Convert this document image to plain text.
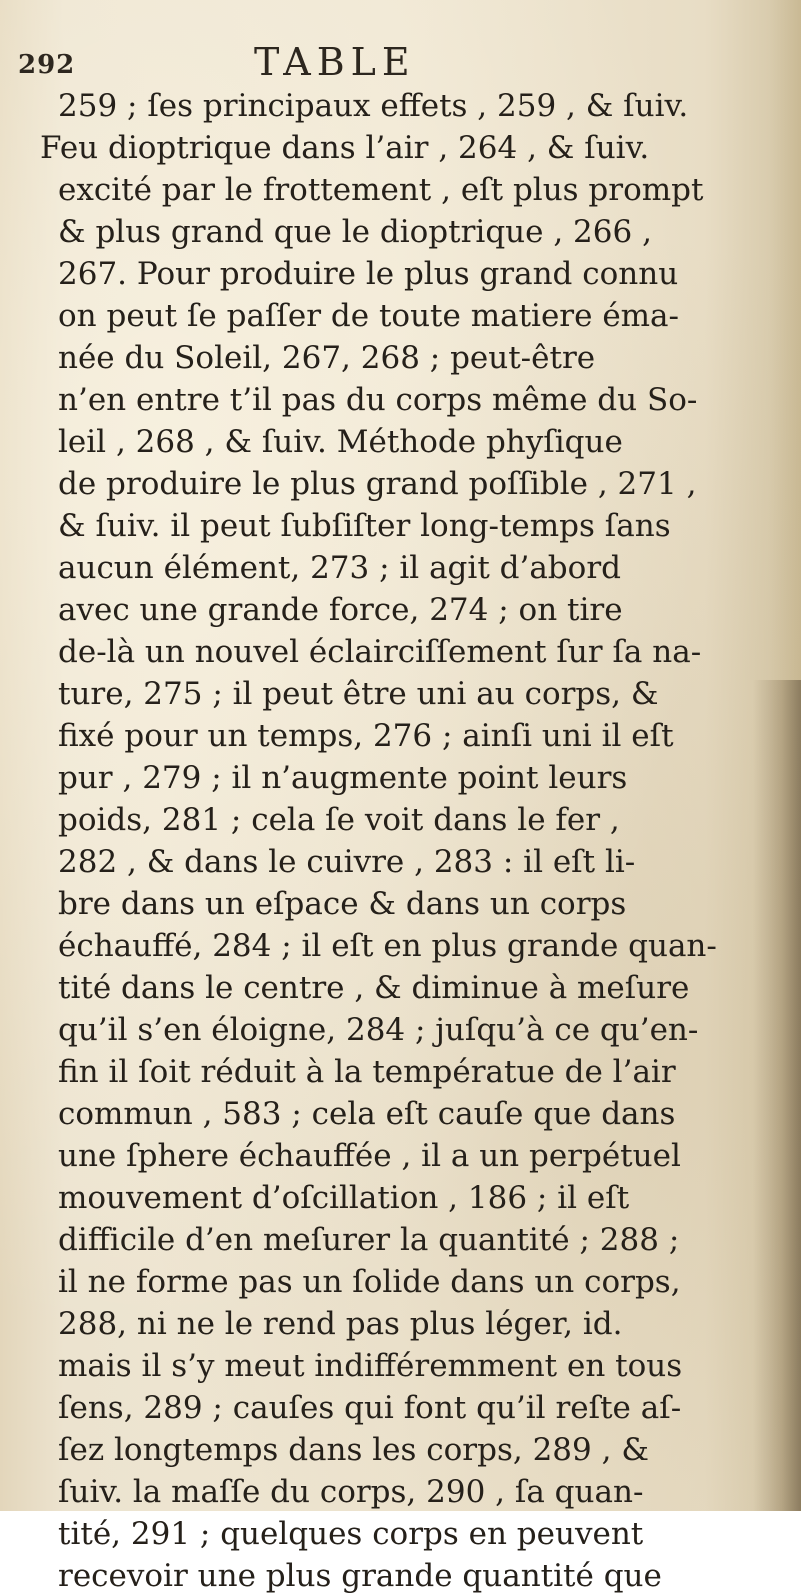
292	TABLE
259 ; ſes principaux effets , 259 , & ſuiv.
Feu dioptrique dans l’air , 264 , & ſuiv.
excité par le frottement , eſt plus prompt
& plus grand que le dioptrique , 266 ,
267. Pour produire le plus grand connu
on peut ſe paſſer de toute matiere éma-
née du Soleil, 267, 268 ; peut-être
n’en entre t’il pas du corps même du So-
leil , 268 , & ſuiv. Méthode phyſique
de produire le plus grand poſſible , 271 ,
& ſuiv. il peut ſubſiſter long-temps ſans
aucun élément, 273 ; il agit d’abord
avec une grande force, 274 ; on tire
de-là un nouvel éclairciſſement ſur ſa na-
ture, 275 ; il peut être uni au corps, &
fixé pour un temps, 276 ; ainſi uni il eſt
pur , 279 ; il n’augmente point leurs
poids, 281 ; cela ſe voit dans le fer ,
282 , & dans le cuivre , 283 : il eſt li-
bre dans un eſpace & dans un corps
échauffé, 284 ; il eſt en plus grande quan-
tité dans le centre , & diminue à meſure
qu’il s’en éloigne, 284 ; juſqu’à ce qu’en-
fin il ſoit réduit à la températue de l’air
commun , 583 ; cela eſt cauſe que dans
une ſphere échauffée , il a un perpétuel
mouvement d’oſcillation , 186 ; il eſt
difficile d’en meſurer la quantité ; 288 ;
il ne forme pas un ſolide dans un corps,
288, ni ne le rend pas plus léger, id.
mais il s’y meut indifféremment en tous
ſens, 289 ; cauſes qui font qu’il reſte aſ-
ſez longtemps dans les corps, 289 , &
ſuiv. la maſſe du corps, 290 , ſa quan-
tité, 291 ; quelques corps en peuvent
recevoir une plus grande quantité que
